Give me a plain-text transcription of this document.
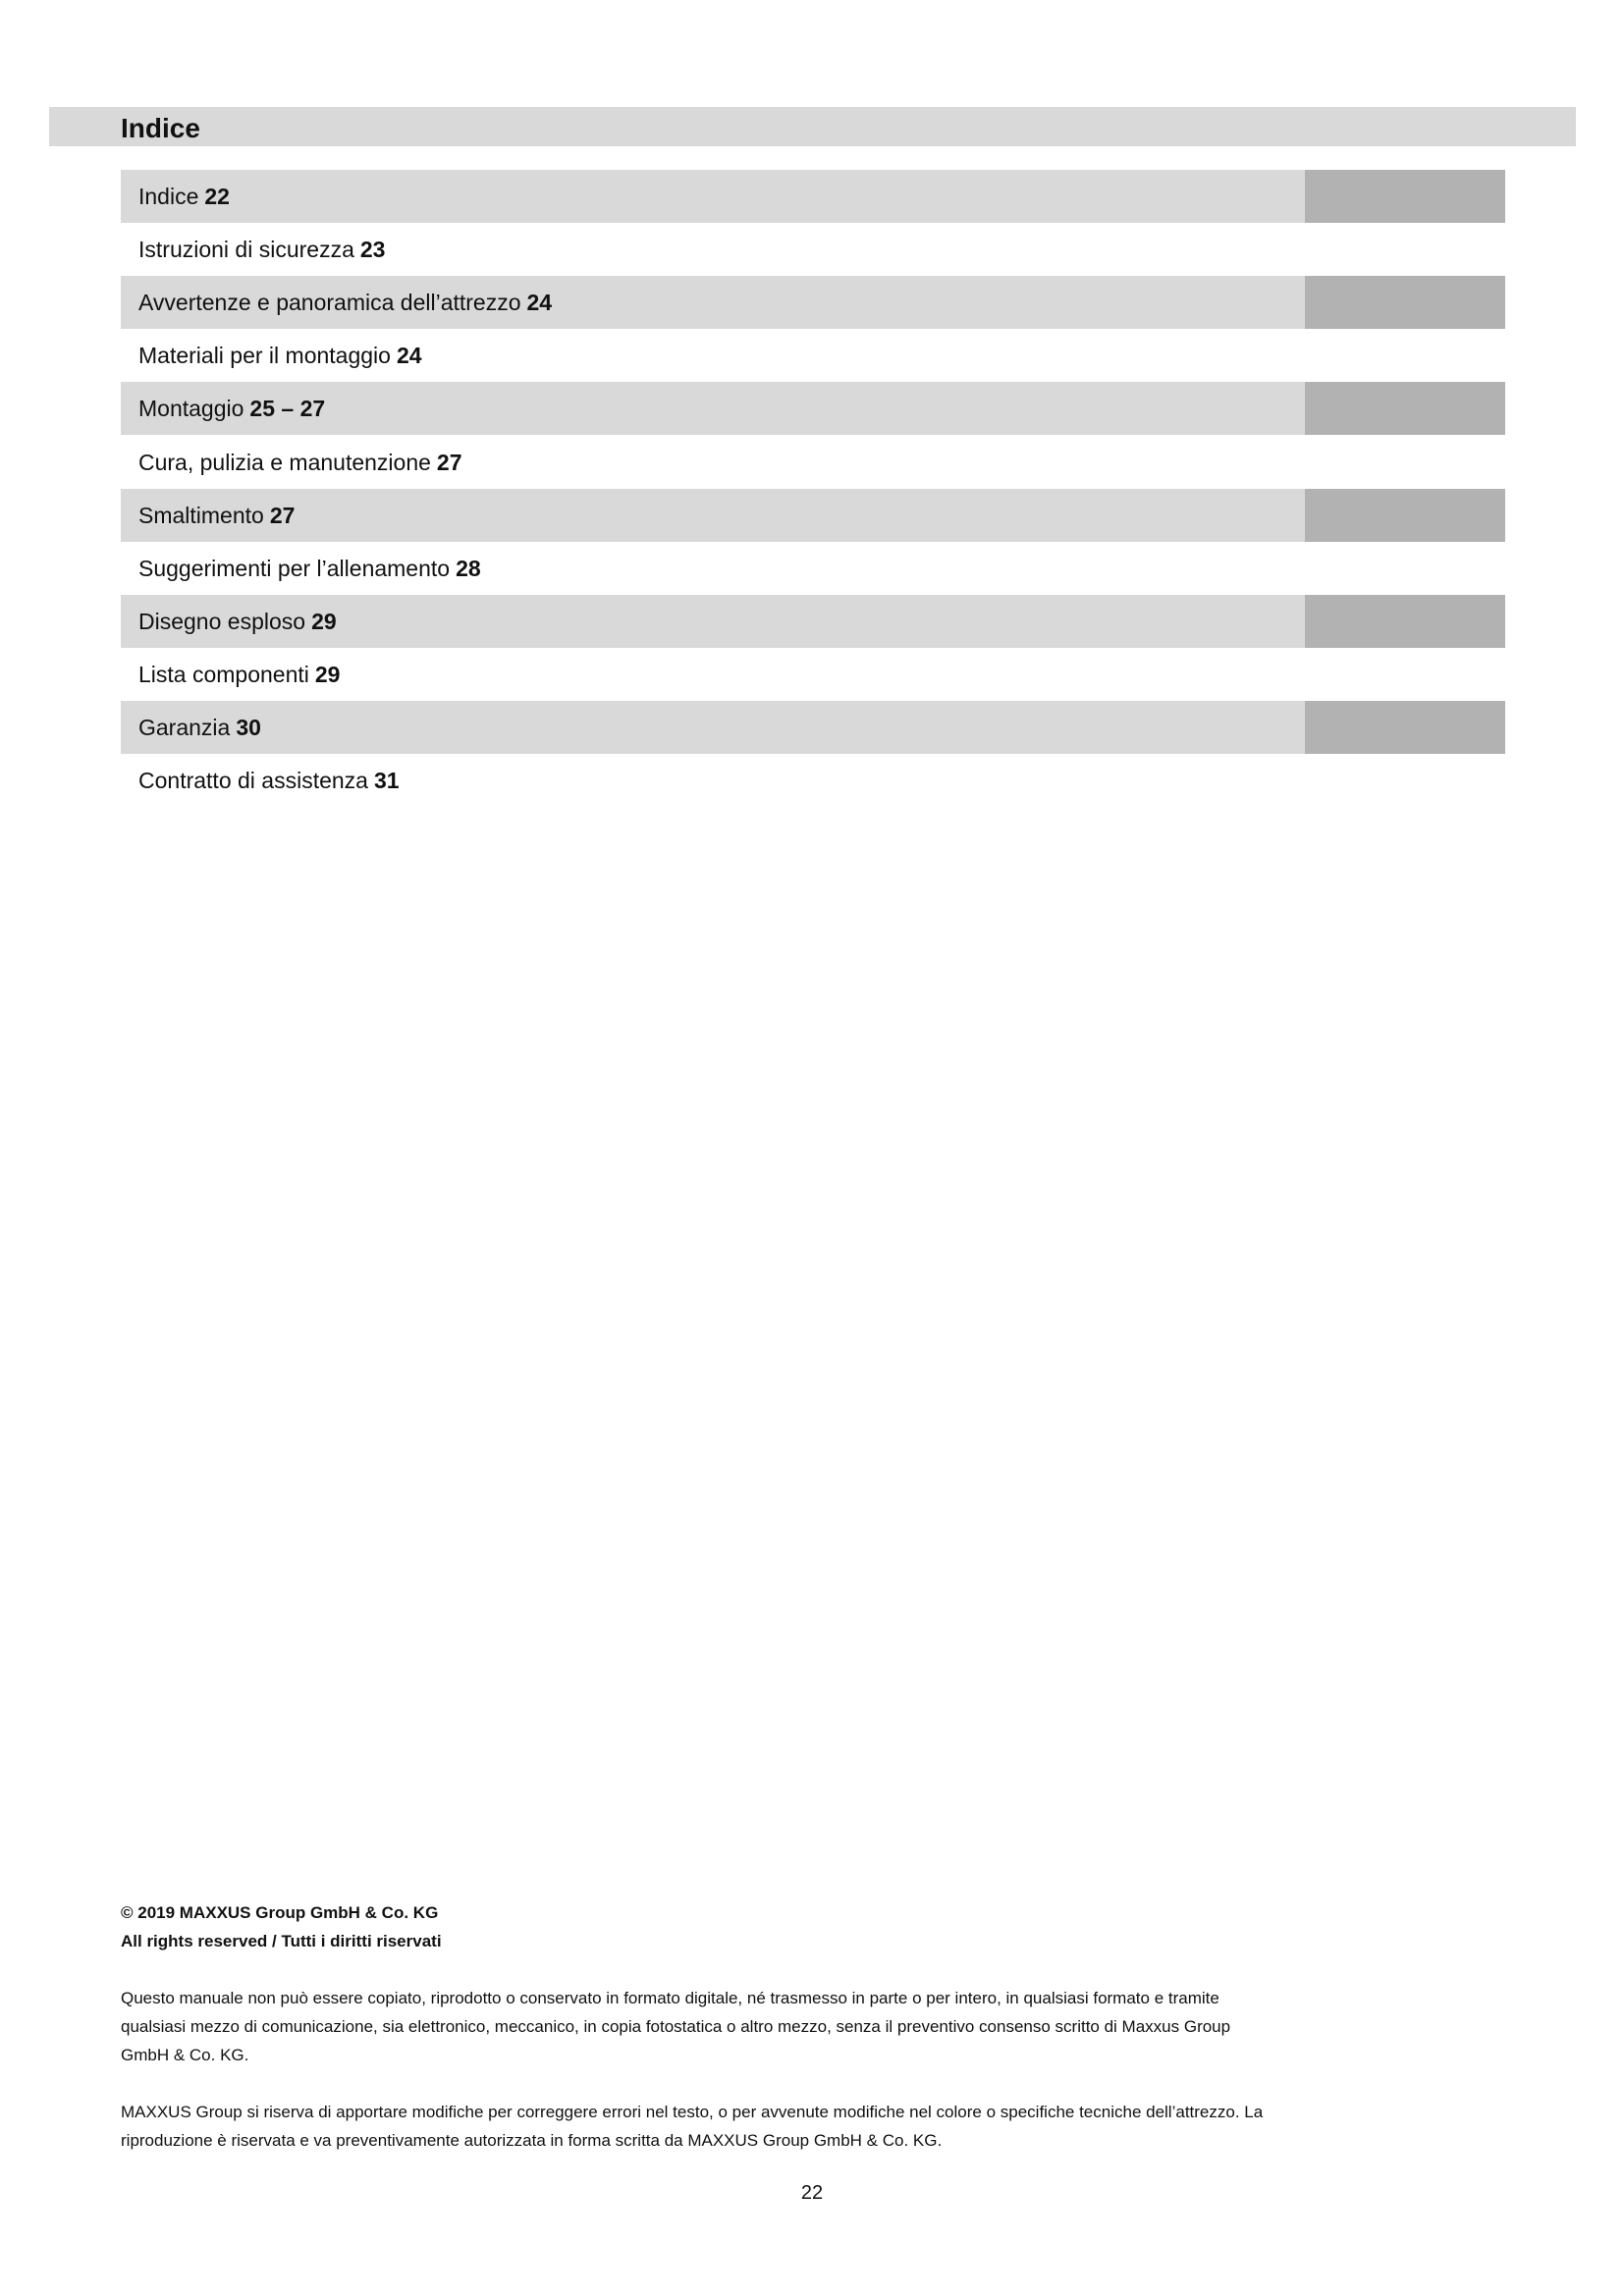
Indice
Indice 22
Istruzioni di sicurezza 23
Avvertenze e panoramica dell’attrezzo 24
Materiali per il montaggio 24
Montaggio 25 – 27
Cura, pulizia e manutenzione 27
Smaltimento 27
Suggerimenti per l’allenamento 28
Disegno esploso 29
Lista componenti 29
Garanzia 30
Contratto di assistenza 31
© 2019 MAXXUS Group GmbH & Co. KG
All rights reserved / Tutti i diritti riservati
Questo manuale non può essere copiato, riprodotto o conservato in formato digitale, né trasmesso in parte o per intero, in qualsiasi formato e tramite qualsiasi mezzo di comunicazione, sia elettronico, meccanico, in copia fotostatica o altro mezzo, senza il preventivo consenso scritto di Maxxus Group GmbH & Co. KG.
MAXXUS Group si riserva di apportare modifiche per correggere errori nel testo, o per avvenute modifiche nel colore o specifiche tecniche dell’attrezzo. La riproduzione è riservata e va preventivamente autorizzata in forma scritta da MAXXUS Group GmbH & Co. KG.
22
